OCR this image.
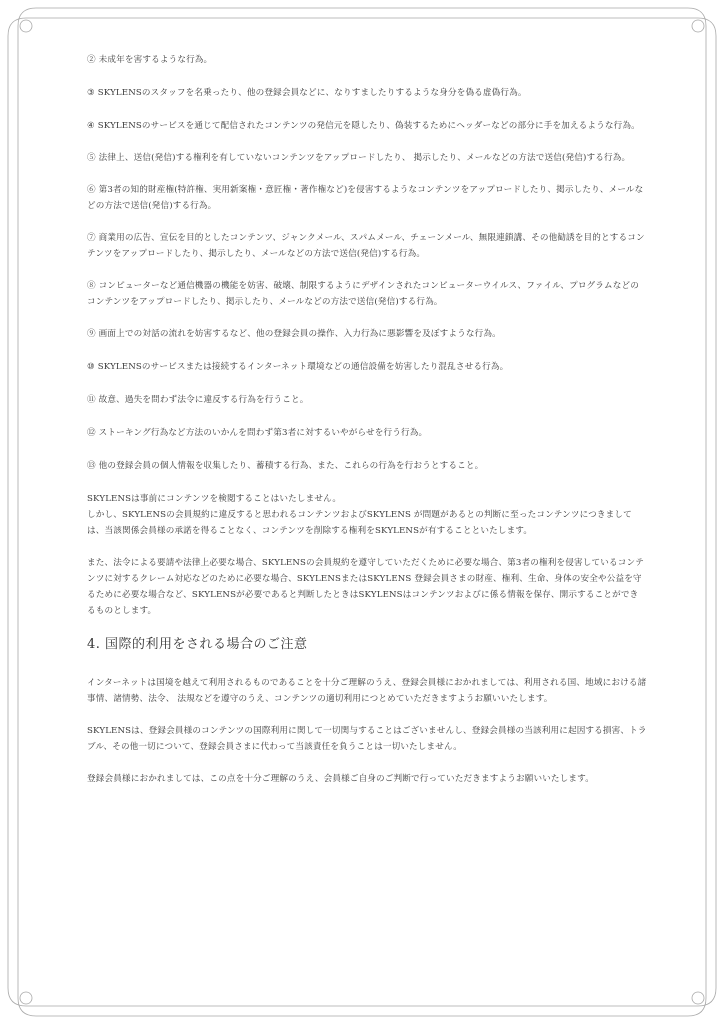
② 未成年を害するような行為。
③ SKYLENSのスタッフを名乗ったり、他の登録会員などに、なりすましたりするような身分を偽る虚偽行為。
④ SKYLENSのサービスを通じて配信されたコンテンツの発信元を隠したり、偽装するためにヘッダーなどの部分に手を加えるような行為。
⑤ 法律上、送信(発信)する権利を有していないコンテンツをアップロードしたり、 掲示したり、メールなどの方法で送信(発信)する行為。
⑥ 第3者の知的財産権(特許権、実用新案権・意匠権・著作権など)を侵害するようなコンテンツをアップロードしたり、掲示したり、メールなどの方法で送信(発信)する行為。
⑦ 商業用の広告、宣伝を目的としたコンテンツ、ジャンクメール、スパムメール、チェーンメール、無限連鎖講、その他勧誘を目的とするコンテンツをアップロードしたり、掲示したり、メールなどの方法で送信(発信)する行為。
⑧ コンピューターなど通信機器の機能を妨害、破壊、制限するようにデザインされたコンピューターウイルス、ファイル、プログラムなどのコンテンツをアップロードしたり、掲示したり、メールなどの方法で送信(発信)する行為。
⑨ 画面上での対話の流れを妨害するなど、他の登録会員の操作、入力行為に悪影響を及ぼすような行為。
⑩ SKYLENSのサービスまたは接続するインターネット環境などの通信設備を妨害したり混乱させる行為。
⑪ 故意、過失を問わず法令に違反する行為を行うこと。
⑫ ストーキング行為など方法のいかんを問わず第3者に対するいやがらせを行う行為。
⑬ 他の登録会員の個人情報を収集したり、蓄積する行為、また、これらの行為を行おうとすること。
SKYLENSは事前にコンテンツを検閲することはいたしません。
しかし、SKYLENSの会員規約に違反すると思われるコンテンツおよびSKYLENS が問題があるとの判断に至ったコンテンツにつきましては、当該関係会員様の承諾を得ることなく、コンテンツを削除する権利をSKYLENSが有することといたします。
また、法令による要請や法律上必要な場合、SKYLENSの会員規約を遵守していただくために必要な場合、第3者の権利を侵害しているコンテンツに対するクレーム対応などのために必要な場合、SKYLENSまたはSKYLENS 登録会員さまの財産、権利、生命、身体の安全や公益を守るために必要な場合など、SKYLENSが必要であると判断したときはSKYLENSはコンテンツおよびに係る情報を保存、開示することができるものとします。
4. 国際的利用をされる場合のご注意
インターネットは国境を越えて利用されるものであることを十分ご理解のうえ、登録会員様におかれましては、利用される国、地域における諸事情、諸情勢、法令、 法規などを遵守のうえ、コンテンツの適切利用につとめていただきますようお願いいたします。
SKYLENSは、登録会員様のコンテンツの国際利用に関して一切関与することはございませんし、登録会員様の当該利用に起因する損害、トラブル、その他一切について、登録会員さまに代わって当該責任を負うことは一切いたしません。
登録会員様におかれましては、この点を十分ご理解のうえ、会員様ご自身のご判断で行っていただきますようお願いいたします。
